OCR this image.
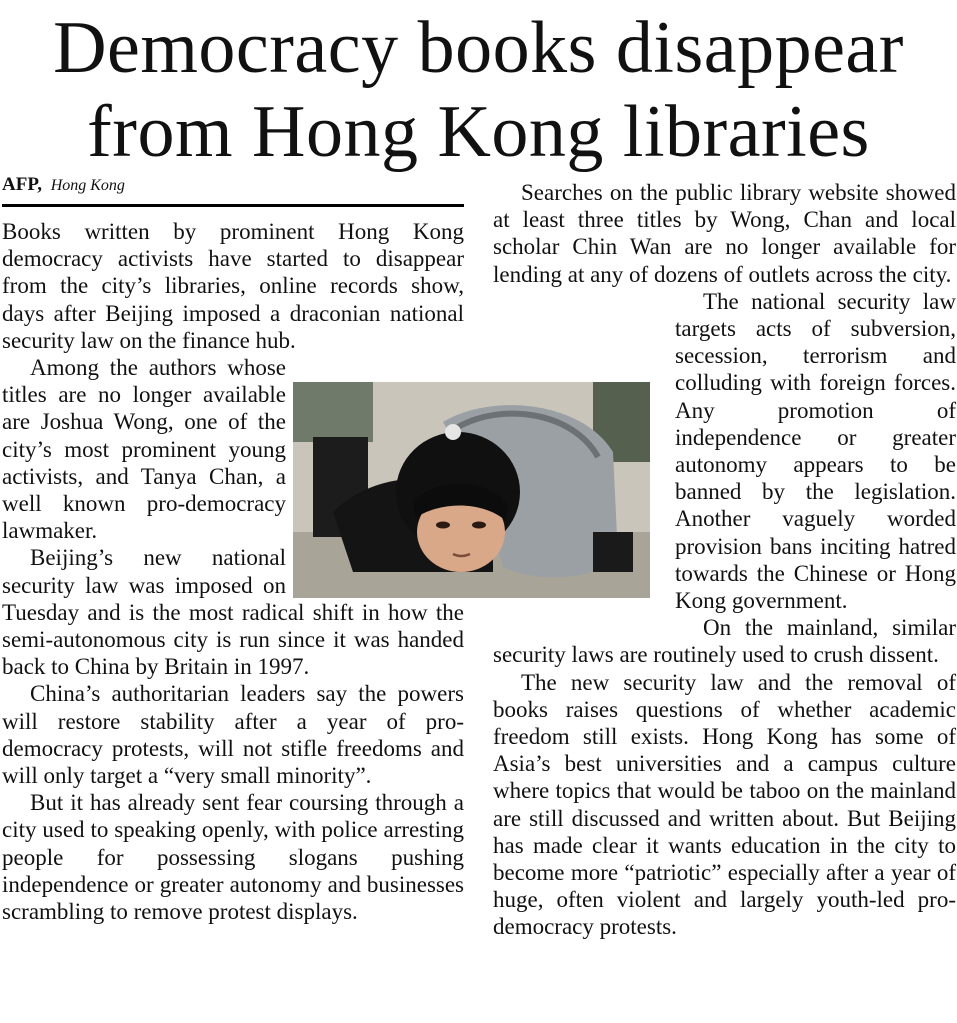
Democracy books disappear
from Hong Kong libraries
AFP, Hong Kong

Books written by prominent Hong Kong democracy activists have started to disappear from the city’s libraries, online records show, days after Beijing imposed a draconian national security law on the finance hub.

Among the authors whose titles are no longer available are Joshua Wong, one of the city’s most prominent young activists, and Tanya Chan, a well known pro-democracy lawmaker.

Beijing’s new national security law was imposed on Tuesday and is the most radical shift in how the semi-autonomous city is run since it was handed back to China by Britain in 1997.

China’s authoritarian leaders say the powers will restore stability after a year of pro-democracy protests, will not stifle freedoms and will only target a “very small minority”.

But it has already sent fear coursing through a city used to speaking openly, with police arresting people for possessing slogans pushing independence or greater autonomy and businesses scrambling to remove protest displays.

Searches on the public library website showed at least three titles by Wong, Chan and local scholar Chin Wan are no longer available for lending at any of dozens of outlets across the city.

The national security law targets acts of subversion, secession, terrorism and colluding with foreign forces. Any promotion of independence or greater autonomy appears to be banned by the legislation. Another vaguely worded provision bans inciting hatred towards the Chinese or Hong Kong government.

On the mainland, similar security laws are routinely used to crush dissent.

The new security law and the removal of books raises questions of whether academic freedom still exists. Hong Kong has some of Asia’s best universities and a campus culture where topics that would be taboo on the mainland are still discussed and written about. But Beijing has made clear it wants education in the city to become more “patriotic” especially after a year of huge, often violent and largely youth-led pro-democracy protests.
